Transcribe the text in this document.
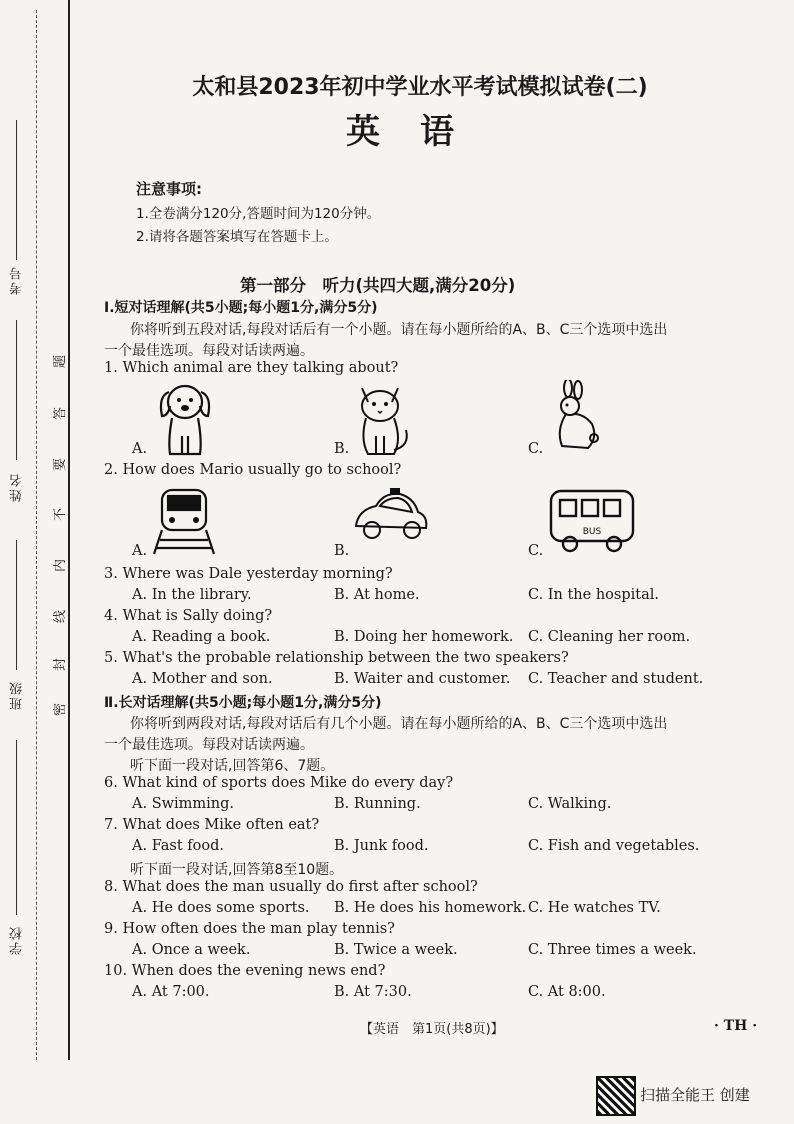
考号
姓名
班级
学校
题
答
要
不
内
线
封
密
太和县2023年初中学业水平考试模拟试卷(二)
英语
注意事项:
1.全卷满分120分,答题时间为120分钟。
2.请将各题答案填写在答题卡上。
第一部分　听力(共四大题,满分20分)
Ⅰ.短对话理解(共5小题;每小题1分,满分5分)
你将听到五段对话,每段对话后有一个小题。请在每小题所给的A、B、C三个选项中选出
一个最佳选项。每段对话读两遍。
1. Which animal are they talking about?
A.	B.	C.
2. How does Mario usually go to school?
BUS
A.	B.	C.
3. Where was Dale yesterday morning?
A. In the library.	B. At home.	C. In the hospital.
4. What is Sally doing?
A. Reading a book.	B. Doing her homework. C. Cleaning her room.
5. What's the probable relationship between the two speakers?
A. Mother and son.	B. Waiter and customer. C. Teacher and student.
Ⅱ.长对话理解(共5小题;每小题1分,满分5分)
你将听到两段对话,每段对话后有几个小题。请在每小题所给的A、B、C三个选项中选出
一个最佳选项。每段对话读两遍。
听下面一段对话,回答第6、7题。
6. What kind of sports does Mike do every day?
A. Swimming.	B. Running.	C. Walking.
7. What does Mike often eat?
A. Fast food.	B. Junk food.	C. Fish and vegetables.
听下面一段对话,回答第8至10题。
8. What does the man usually do first after school?
A. He does some sports. B. He does his homework. C. He watches TV.
9. How often does the man play tennis?
A. Once a week.	B. Twice a week.	C. Three times a week.
10. When does the evening news end?
A. At 7:00.	B. At 7:30.	C. At 8:00.
【英语　第1页(共8页)】	· TH ·
扫描全能王 创建
